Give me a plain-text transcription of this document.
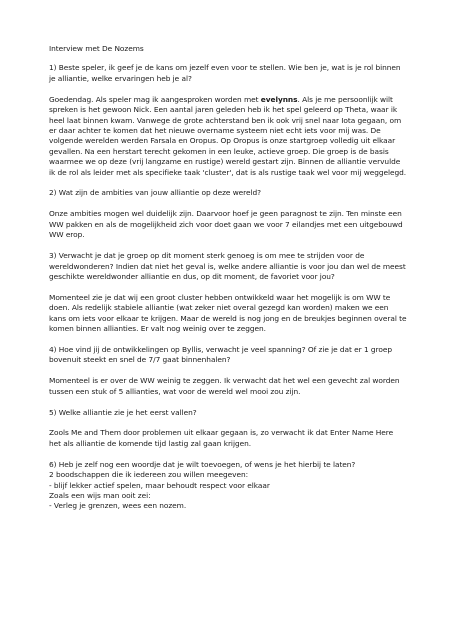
Interview met De Nozems

1) Beste speler, ik geef je de kans om jezelf even voor te stellen. Wie ben je, wat is je rol binnen je alliantie, welke ervaringen heb je al?

Goedendag. Als speler mag ik aangesproken worden met evelynns. Als je me persoonlijk wilt spreken is het gewoon Nick. Een aantal jaren geleden heb ik het spel geleerd op Theta, waar ik heel laat binnen kwam. Vanwege de grote achterstand ben ik ook vrij snel naar Iota gegaan, om er daar achter te komen dat het nieuwe overname systeem niet echt iets voor mij was. De volgende werelden werden Farsala en Oropus. Op Oropus is onze startgroep volledig uit elkaar gevallen. Na een herstart terecht gekomen in een leuke, actieve groep. Die groep is de basis waarmee we op deze (vrij langzame en rustige) wereld gestart zijn. Binnen de alliantie vervulde ik de rol als leider met als specifieke taak 'cluster', dat is als rustige taak wel voor mij weggelegd.

2) Wat zijn de ambities van jouw alliantie op deze wereld?

Onze ambities mogen wel duidelijk zijn. Daarvoor hoef je geen paragnost te zijn. Ten minste een WW pakken en als de mogelijkheid zich voor doet gaan we voor 7 eilandjes met een uitgebouwd WW erop.

3) Verwacht je dat je groep op dit moment sterk genoeg is om mee te strijden voor de wereldwonderen? Indien dat niet het geval is, welke andere alliantie is voor jou dan wel de meest geschikte wereldwonder alliantie en dus, op dit moment, de favoriet voor jou?

Momenteel zie je dat wij een groot cluster hebben ontwikkeld waar het mogelijk is om WW te doen. Als redelijk stabiele alliantie (wat zeker niet overal gezegd kan worden) maken we een kans om iets voor elkaar te krijgen. Maar de wereld is nog jong en de breukjes beginnen overal te komen binnen allianties. Er valt nog weinig over te zeggen.

4) Hoe vind jij de ontwikkelingen op Byllis, verwacht je veel spanning? Of zie je dat er 1 groep bovenuit steekt en snel de 7/7 gaat binnenhalen?

Momenteel is er over de WW weinig te zeggen. Ik verwacht dat het wel een gevecht zal worden tussen een stuk of 5 allianties, wat voor de wereld wel mooi zou zijn.

5) Welke alliantie zie je het eerst vallen?

Zools Me and Them door problemen uit elkaar gegaan is, zo verwacht ik dat Enter Name Here het als alliantie de komende tijd lastig zal gaan krijgen.

6) Heb je zelf nog een woordje dat je wilt toevoegen, of wens je het hierbij te laten?

2 boodschappen die ik iedereen zou willen meegeven:
- blijf lekker actief spelen, maar behoudt respect voor elkaar
Zoals een wijs man ooit zei:
- Verleg je grenzen, wees een nozem.
